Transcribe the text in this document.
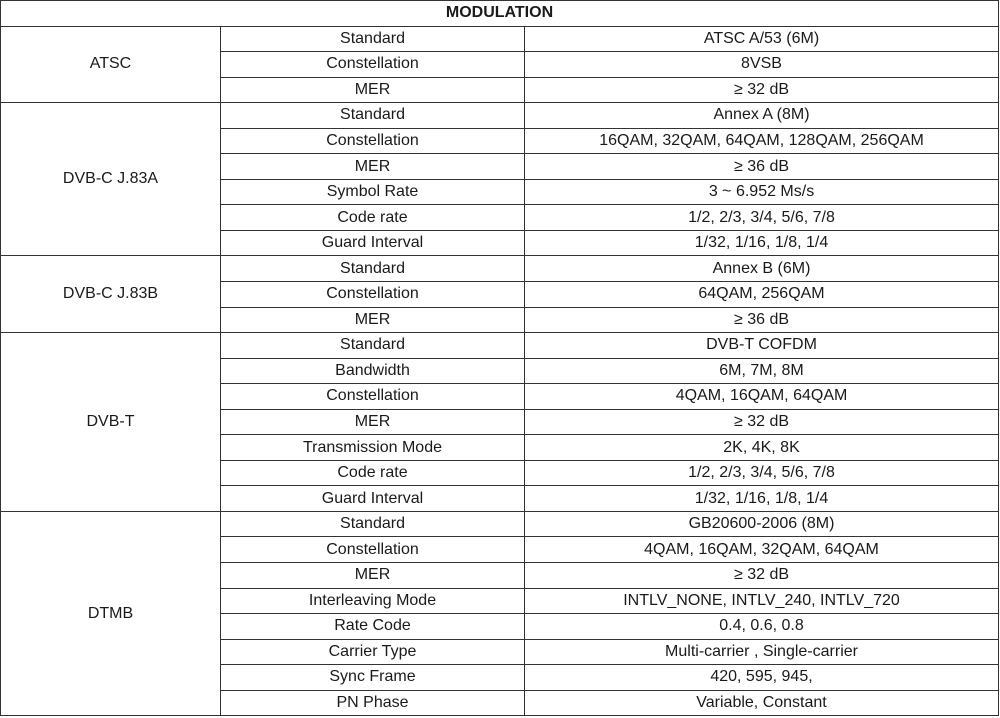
MODULATION		
ATSC	Standard	ATSC A/53 (6M)
	Constellation	8VSB
	MER	≥ 32 dB
DVB-C J.83A	Standard	Annex A (8M)
	Constellation	16QAM, 32QAM, 64QAM, 128QAM, 256QAM
	MER	≥ 36 dB
	Symbol Rate	3 ~ 6.952 Ms/s
	Code rate	1/2, 2/3, 3/4, 5/6, 7/8
	Guard Interval	1/32, 1/16, 1/8, 1/4
DVB-C J.83B	Standard	Annex B (6M)
	Constellation	64QAM, 256QAM
	MER	≥ 36 dB
DVB-T	Standard	DVB-T COFDM
	Bandwidth	6M, 7M, 8M
	Constellation	4QAM, 16QAM, 64QAM
	MER	≥ 32 dB
	Transmission Mode	2K, 4K, 8K
	Code rate	1/2, 2/3, 3/4, 5/6, 7/8
	Guard Interval	1/32, 1/16, 1/8, 1/4
DTMB	Standard	GB20600-2006 (8M)
	Constellation	4QAM, 16QAM, 32QAM, 64QAM
	MER	≥ 32 dB
	Interleaving Mode	INTLV_NONE, INTLV_240, INTLV_720
	Rate Code	0.4, 0.6, 0.8
	Carrier Type	Multi-carrier , Single-carrier
	Sync Frame	420, 595, 945,
	PN Phase	Variable, Constant
